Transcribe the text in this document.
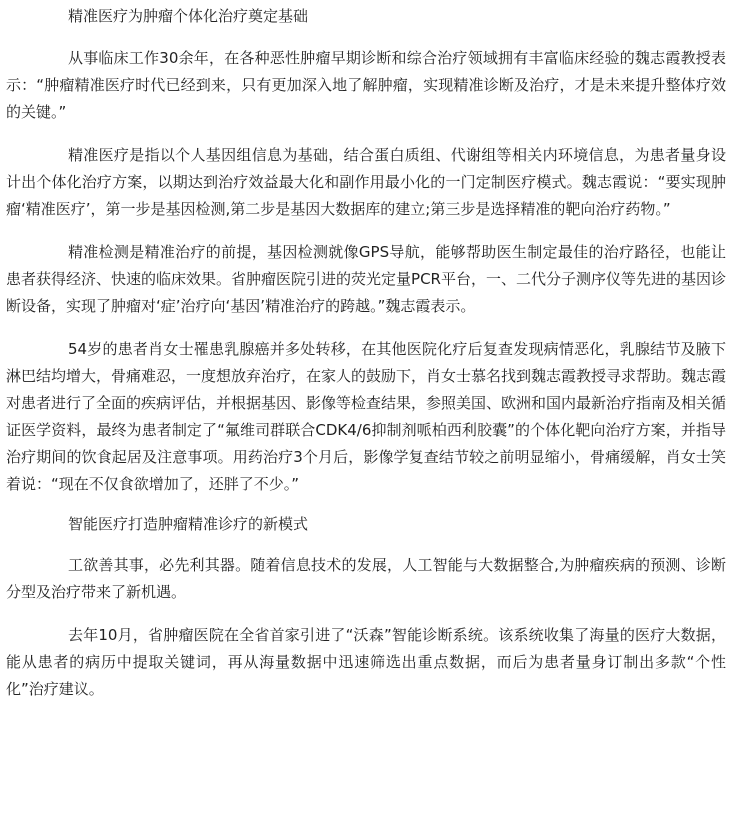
精准医疗为肿瘤个体化治疗奠定基础

从事临床工作30余年，在各种恶性肿瘤早期诊断和综合治疗领域拥有丰富临床经验的魏志霞教授表示：“肿瘤精准医疗时代已经到来，只有更加深入地了解肿瘤，实现精准诊断及治疗，才是未来提升整体疗效的关键。”

精准医疗是指以个人基因组信息为基础，结合蛋白质组、代谢组等相关内环境信息，为患者量身设计出个体化治疗方案，以期达到治疗效益最大化和副作用最小化的一门定制医疗模式。魏志霞说：“要实现肿瘤‘精准医疗’，第一步是基因检测,第二步是基因大数据库的建立;第三步是选择精准的靶向治疗药物。”

精准检测是精准治疗的前提，基因检测就像GPS导航，能够帮助医生制定最佳的治疗路径，也能让患者获得经济、快速的临床效果。省肿瘤医院引进的荧光定量PCR平台，一、二代分子测序仪等先进的基因诊断设备，实现了肿瘤对‘症’治疗向‘基因’精准治疗的跨越。”魏志霞表示。

54岁的患者肖女士罹患乳腺癌并多处转移，在其他医院化疗后复查发现病情恶化，乳腺结节及腋下淋巴结均增大，骨痛难忍，一度想放弃治疗，在家人的鼓励下，肖女士慕名找到魏志霞教授寻求帮助。魏志霞对患者进行了全面的疾病评估，并根据基因、影像等检查结果，参照美国、欧洲和国内最新治疗指南及相关循证医学资料，最终为患者制定了“氟维司群联合CDK4/6抑制剂哌柏西利胶囊”的个体化靶向治疗方案，并指导治疗期间的饮食起居及注意事项。用药治疗3个月后，影像学复查结节较之前明显缩小，骨痛缓解，肖女士笑着说：“现在不仅食欲增加了，还胖了不少。”

智能医疗打造肿瘤精准诊疗的新模式

工欲善其事，必先利其器。随着信息技术的发展，人工智能与大数据整合,为肿瘤疾病的预测、诊断分型及治疗带来了新机遇。

去年10月，省肿瘤医院在全省首家引进了“沃森”智能诊断系统。该系统收集了海量的医疗大数据，能从患者的病历中提取关键词，再从海量数据中迅速筛选出重点数据，而后为患者量身订制出多款“个性化”治疗建议。
